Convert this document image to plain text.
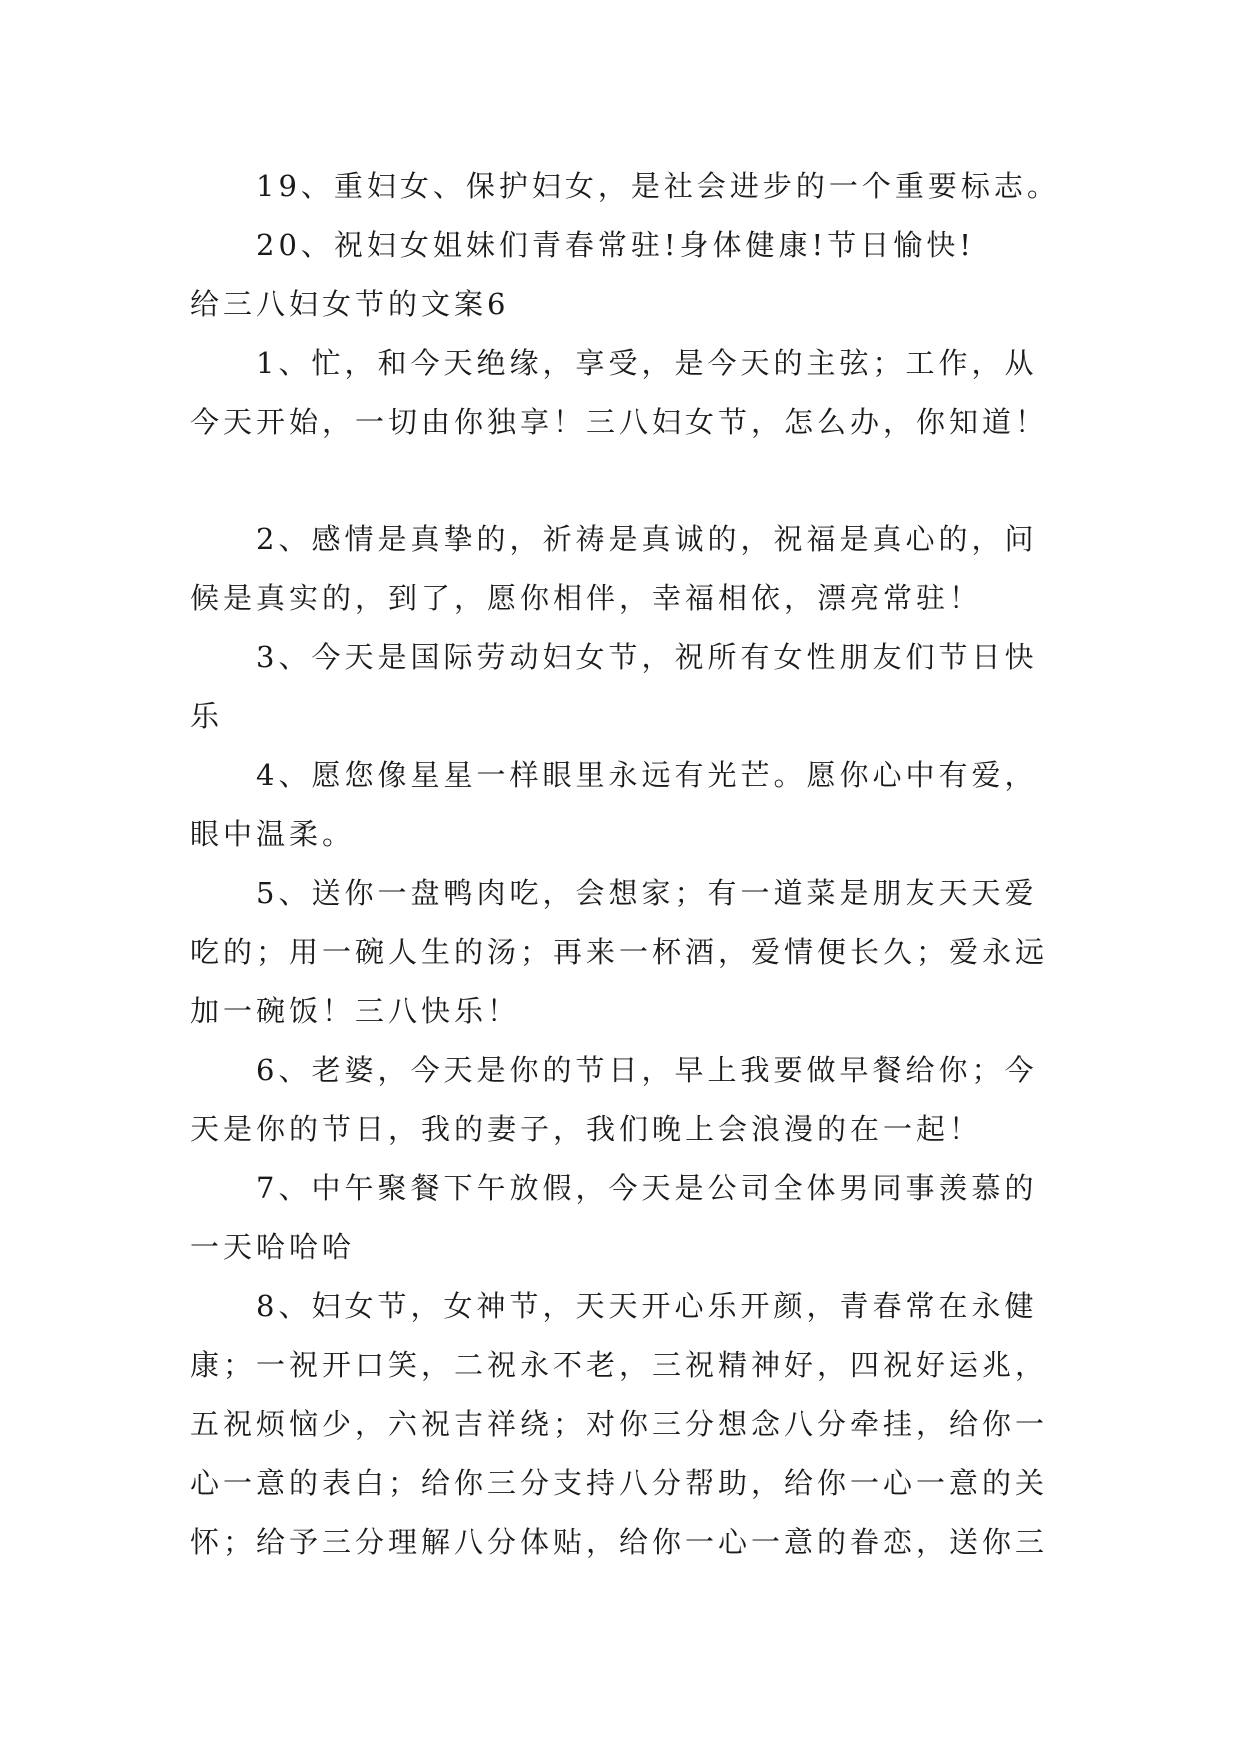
19、重妇女、保护妇女，是社会进步的一个重要标志。

20、祝妇女姐妹们青春常驻!身体健康!节日愉快!

给三八妇女节的文案6

1、忙，和今天绝缘，享受，是今天的主弦；工作，从

今天开始，一切由你独享！三八妇女节，怎么办，你知道！

2、感情是真挚的，祈祷是真诚的，祝福是真心的，问

候是真实的，到了，愿你相伴，幸福相依，漂亮常驻！

3、今天是国际劳动妇女节，祝所有女性朋友们节日快

乐

4、愿您像星星一样眼里永远有光芒。愿你心中有爱，

眼中温柔。

5、送你一盘鸭肉吃，会想家；有一道菜是朋友天天爱

吃的；用一碗人生的汤；再来一杯酒，爱情便长久；爱永远

加一碗饭！三八快乐！

6、老婆，今天是你的节日，早上我要做早餐给你；今

天是你的节日，我的妻子，我们晚上会浪漫的在一起！

7、中午聚餐下午放假，今天是公司全体男同事羡慕的

一天哈哈哈

8、妇女节，女神节，天天开心乐开颜，青春常在永健

康；一祝开口笑，二祝永不老，三祝精神好，四祝好运兆，

五祝烦恼少，六祝吉祥绕；对你三分想念八分牵挂，给你一

心一意的表白；给你三分支持八分帮助，给你一心一意的关

怀；给予三分理解八分体贴，给你一心一意的眷恋，送你三
